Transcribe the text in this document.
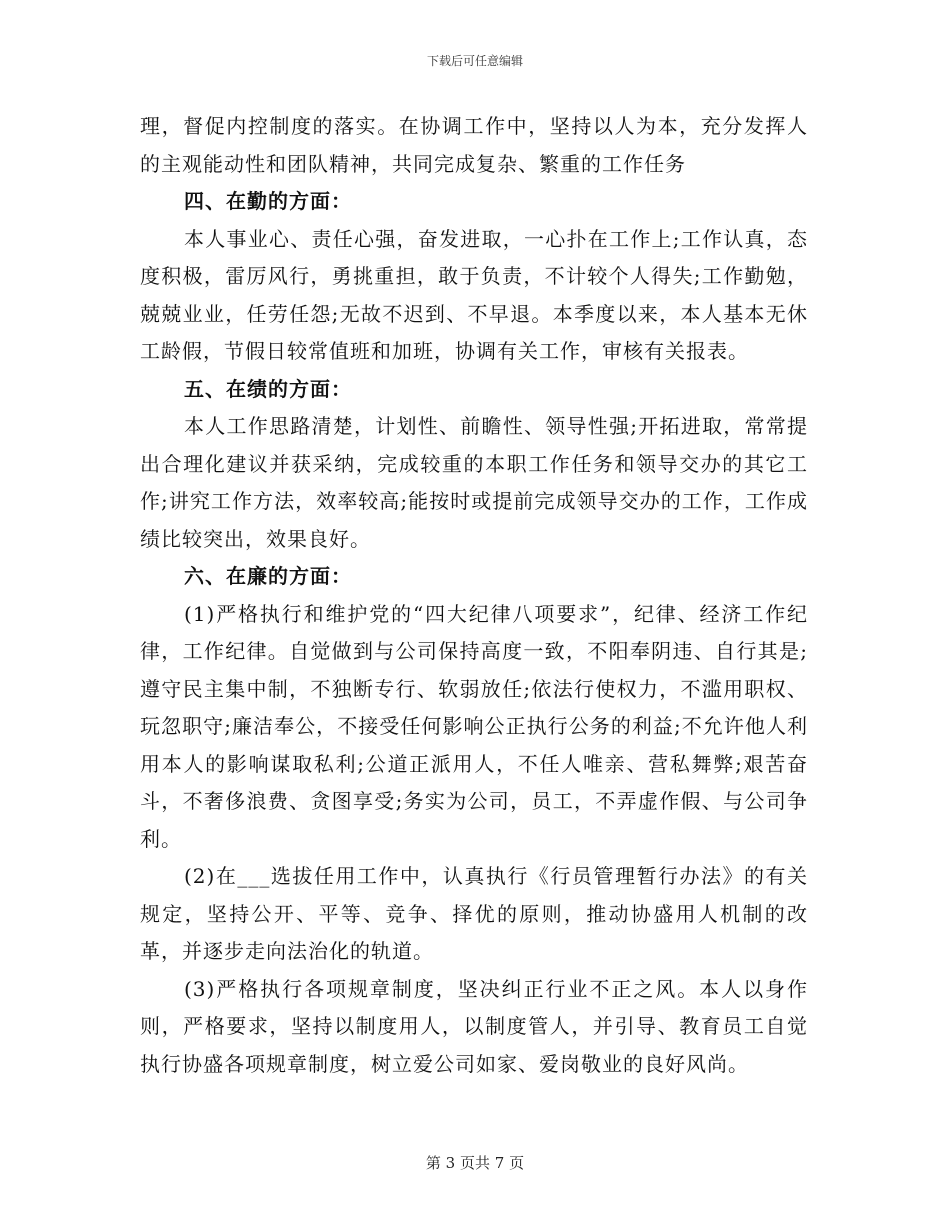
下载后可任意编辑

理，督促内控制度的落实。在协调工作中，坚持以人为本，充分发挥人的主观能动性和团队精神，共同完成复杂、繁重的工作任务

四、在勤的方面：

本人事业心、责任心强，奋发进取，一心扑在工作上;工作认真，态度积极，雷厉风行，勇挑重担，敢于负责，不计较个人得失;工作勤勉，兢兢业业，任劳任怨;无故不迟到、不早退。本季度以来，本人基本无休工龄假，节假日较常值班和加班，协调有关工作，审核有关报表。

五、在绩的方面：

本人工作思路清楚，计划性、前瞻性、领导性强;开拓进取，常常提出合理化建议并获采纳，完成较重的本职工作任务和领导交办的其它工作;讲究工作方法，效率较高;能按时或提前完成领导交办的工作，工作成绩比较突出，效果良好。

六、在廉的方面：

(1)严格执行和维护党的“四大纪律八项要求”，纪律、经济工作纪律，工作纪律。自觉做到与公司保持高度一致，不阳奉阴违、自行其是;遵守民主集中制，不独断专行、软弱放任;依法行使权力，不滥用职权、玩忽职守;廉洁奉公，不接受任何影响公正执行公务的利益;不允许他人利用本人的影响谋取私利;公道正派用人，不任人唯亲、营私舞弊;艰苦奋斗，不奢侈浪费、贪图享受;务实为公司，员工，不弄虚作假、与公司争利。

(2)在___选拔任用工作中，认真执行《行员管理暂行办法》的有关规定，坚持公开、平等、竞争、择优的原则，推动协盛用人机制的改革，并逐步走向法治化的轨道。

(3)严格执行各项规章制度，坚决纠正行业不正之风。本人以身作则，严格要求，坚持以制度用人，以制度管人，并引导、教育员工自觉执行协盛各项规章制度，树立爱公司如家、爱岗敬业的良好风尚。

第 3 页共 7 页
